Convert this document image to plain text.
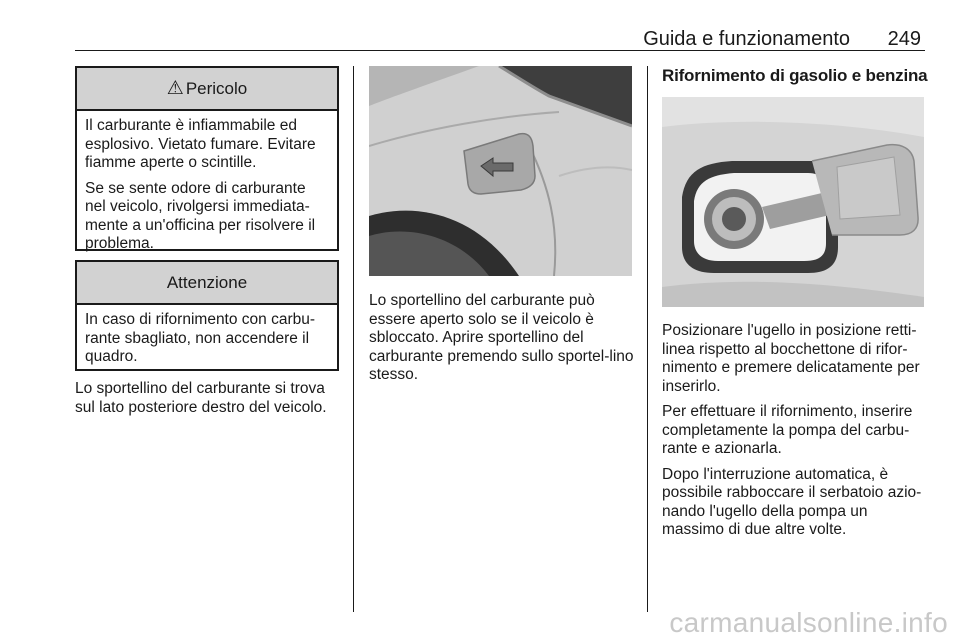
Guida e funzionamento 249
⚠ Pericolo

Il carburante è infiammabile ed esplosivo. Vietato fumare. Evitare fiamme aperte o scintille.

Se se sente odore di carburante nel veicolo, rivolgersi immediata-mente a un'officina per risolvere il problema.

Attenzione

In caso di rifornimento con carbu-rante sbagliato, non accendere il quadro.

Lo sportellino del carburante si trova sul lato posteriore destro del veicolo.

Lo sportellino del carburante può essere aperto solo se il veicolo è sbloccato. Aprire sportellino del carburante premendo sullo sportel-lino stesso.

Rifornimento di gasolio e benzina

Posizionare l'ugello in posizione retti-linea rispetto al bocchettone di rifor-nimento e premere delicatamente per inserirlo.

Per effettuare il rifornimento, inserire completamente la pompa del carbu-rante e azionarla.

Dopo l'interruzione automatica, è possibile rabboccare il serbatoio azio-nando l'ugello della pompa un massimo di due altre volte.

carmanualsonline.info
